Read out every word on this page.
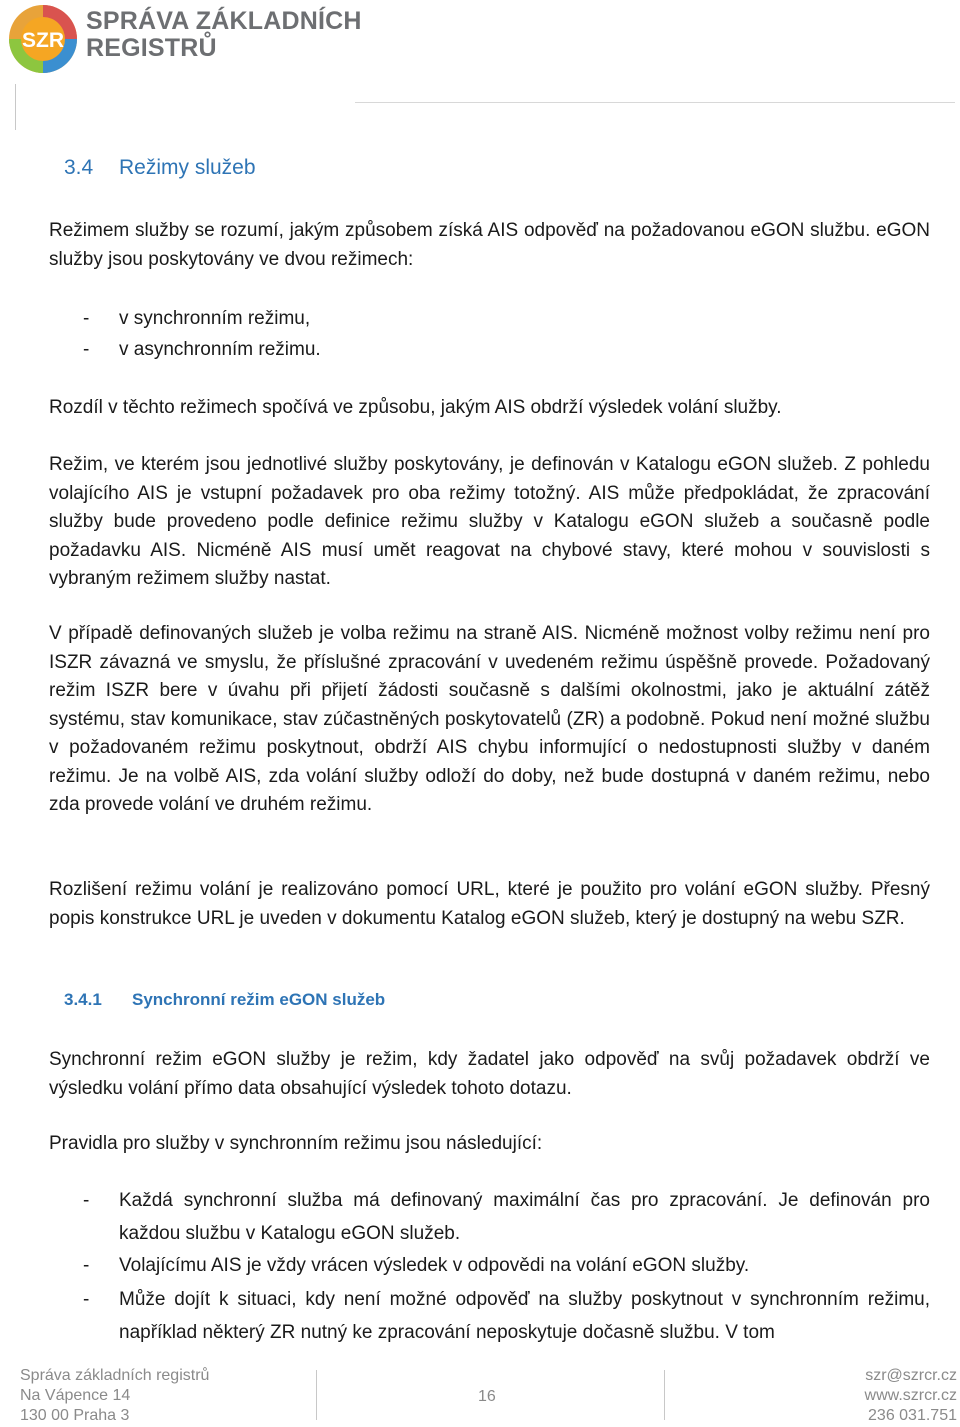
SZR
SPRÁVA ZÁKLADNÍCH
REGISTRŮ
3.4 Režimy služeb
Režimem služby se rozumí, jakým způsobem získá AIS odpověď na požadovanou eGON službu. eGON služby jsou poskytovány ve dvou režimech:
- v synchronním režimu,
- v asynchronním režimu.
Rozdíl v těchto režimech spočívá ve způsobu, jakým AIS obdrží výsledek volání služby.
Režim, ve kterém jsou jednotlivé služby poskytovány, je definován v Katalogu eGON služeb. Z pohledu volajícího AIS je vstupní požadavek pro oba režimy totožný. AIS může předpokládat, že zpracování služby bude provedeno podle definice režimu služby v Katalogu eGON služeb a současně podle požadavku AIS. Nicméně AIS musí umět reagovat na chybové stavy, které mohou v souvislosti s vybraným režimem služby nastat.
V případě definovaných služeb je volba režimu na straně AIS. Nicméně možnost volby režimu není pro ISZR závazná ve smyslu, že příslušné zpracování v uvedeném režimu úspěšně provede. Požadovaný režim ISZR bere v úvahu při přijetí žádosti současně s dalšími okolnostmi, jako je aktuální zátěž systému, stav komunikace, stav zúčastněných poskytovatelů (ZR) a podobně. Pokud není možné službu v požadovaném režimu poskytnout, obdrží AIS chybu informující o nedostupnosti služby v daném režimu. Je na volbě AIS, zda volání služby odloží do doby, než bude dostupná v daném režimu, nebo zda provede volání ve druhém režimu.
Rozlišení režimu volání je realizováno pomocí URL, které je použito pro volání eGON služby. Přesný popis konstrukce URL je uveden v dokumentu Katalog eGON služeb, který je dostupný na webu SZR.
3.4.1 Synchronní režim eGON služeb
Synchronní režim eGON služby je režim, kdy žadatel jako odpověď na svůj požadavek obdrží ve výsledku volání přímo data obsahující výsledek tohoto dotazu.
Pravidla pro služby v synchronním režimu jsou následující:
- Každá synchronní služba má definovaný maximální čas pro zpracování. Je definován pro každou službu v Katalogu eGON služeb.
- Volajícímu AIS je vždy vrácen výsledek v odpovědi na volání eGON služby.
- Může dojít k situaci, kdy není možné odpověď na služby poskytnout v synchronním režimu, například některý ZR nutný ke zpracování neposkytuje dočasně službu. V tom
Správa základních registrů
Na Vápence 14
130 00 Praha 3
16
szr@szrcr.cz
www.szrcr.cz
236 031.751
